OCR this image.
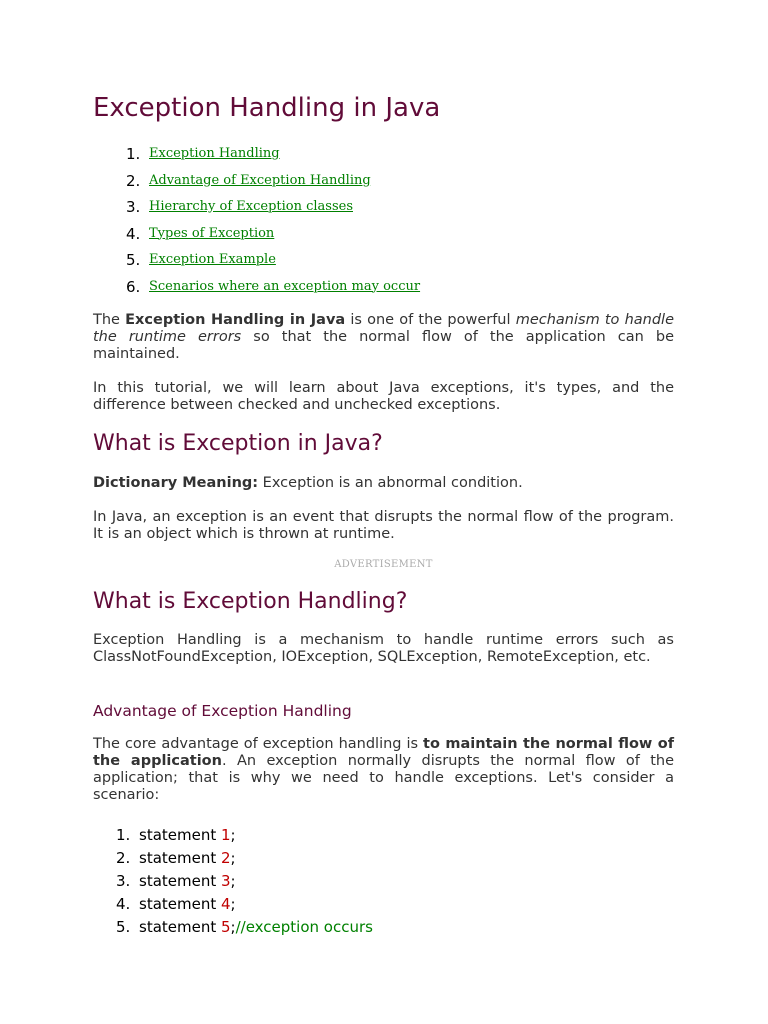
Exception Handling in Java
1. Exception Handling
2. Advantage of Exception Handling
3. Hierarchy of Exception classes
4. Types of Exception
5. Exception Example
6. Scenarios where an exception may occur

The Exception Handling in Java is one of the powerful mechanism to handle the runtime errors so that the normal flow of the application can be maintained.

In this tutorial, we will learn about Java exceptions, it's types, and the difference between checked and unchecked exceptions.

What is Exception in Java?

Dictionary Meaning: Exception is an abnormal condition.

In Java, an exception is an event that disrupts the normal flow of the program. It is an object which is thrown at runtime.

ADVERTISEMENT
What is Exception Handling?

Exception Handling is a mechanism to handle runtime errors such as ClassNotFoundException, IOException, SQLException, RemoteException, etc.

Advantage of Exception Handling

The core advantage of exception handling is to maintain the normal flow of the application. An exception normally disrupts the normal flow of the application; that is why we need to handle exceptions. Let's consider a scenario:

1. statement 1;
2. statement 2;
3. statement 3;
4. statement 4;
5. statement 5;//exception occurs
